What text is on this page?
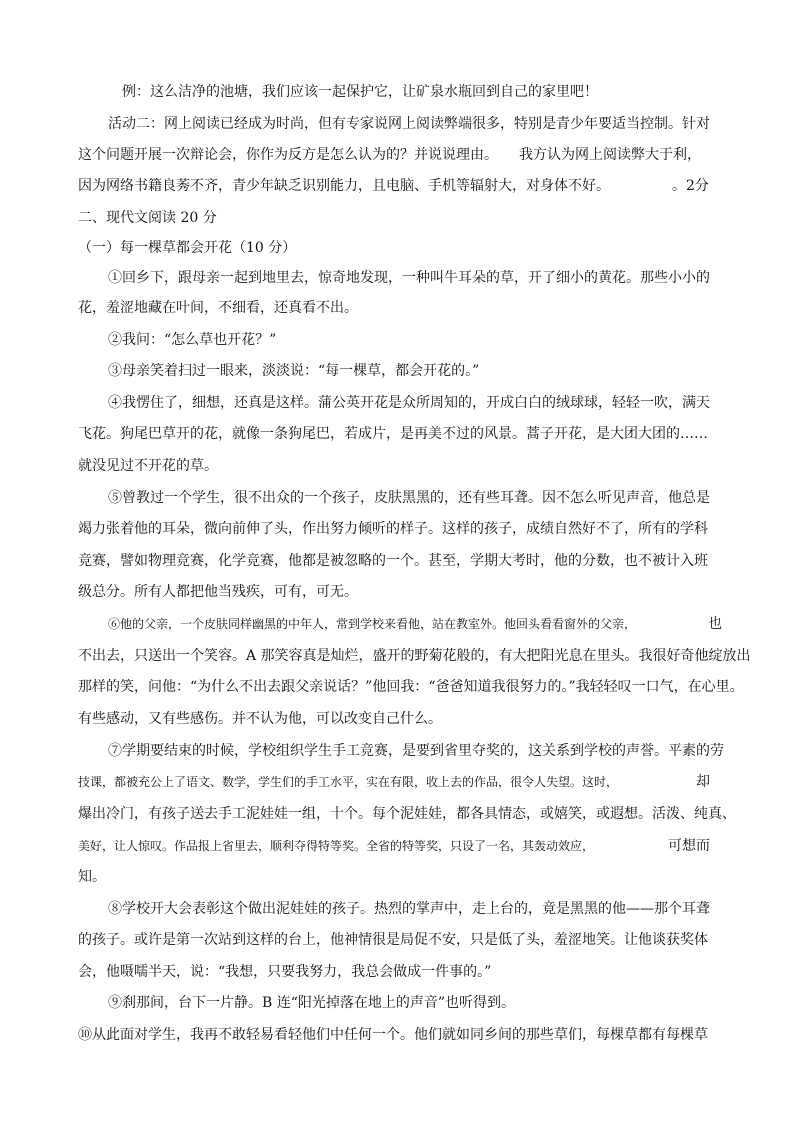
例：这么洁净的池塘，我们应该一起保护它，让矿泉水瓶回到自己的家里吧！
活动二：网上阅读已经成为时尚，但有专家说网上阅读弊端很多，特别是青少年要适当控制。针对
这个问题开展一次辩论会，你作为反方是怎么认为的？并说说理由。　　我方认为网上阅读弊大于利，
因为网络书籍良莠不齐，青少年缺乏识别能力，且电脑、手机等辐射大，对身体不好。	。2分
二、现代文阅读 20 分
（一）每一棵草都会开花（10 分）
①回乡下，跟母亲一起到地里去，惊奇地发现，一种叫牛耳朵的草，开了细小的黄花。那些小小的
花，羞涩地藏在叶间，不细看，还真看不出。
②我问：“怎么草也开花？”
③母亲笑着扫过一眼来，淡淡说：“每一棵草，都会开花的。”
④我愣住了，细想，还真是这样。蒲公英开花是众所周知的，开成白白的绒球球，轻轻一吹，满天
飞花。狗尾巴草开的花，就像一条狗尾巴，若成片，是再美不过的风景。蒿子开花，是大团大团的……
就没见过不开花的草。
⑤曾教过一个学生，很不出众的一个孩子，皮肤黑黑的，还有些耳聋。因不怎么听见声音，他总是
竭力张着他的耳朵，微向前伸了头，作出努力倾听的样子。这样的孩子，成绩自然好不了，所有的学科
竞赛，譬如物理竞赛，化学竞赛，他都是被忽略的一个。甚至，学期大考时，他的分数，也不被计入班
级总分。所有人都把他当残疾，可有，可无。
⑥他的父亲，一个皮肤同样幽黑的中年人，常到学校来看他，站在教室外。他回头看看窗外的父亲，	也
不出去，只送出一个笑容。A 那笑容真是灿烂，盛开的野菊花般的，有大把阳光息在里头。我很好奇他绽放出
那样的笑，问他：“为什么不出去跟父亲说话？”他回我：“爸爸知道我很努力的。”我轻轻叹一口气，在心里。
有些感动，又有些感伤。并不认为他，可以改变自己什么。
⑦学期要结束的时候，学校组织学生手工竞赛，是要到省里夺奖的，这关系到学校的声誉。平素的劳
技课，都被充公上了语文、数学，学生们的手工水平，实在有限，收上去的作品，很令人失望。这时，	却
爆出冷门，有孩子送去手工泥娃娃一组，十个。每个泥娃娃，都各具情态，或嬉笑，或遐想。活泼、纯真、
美好，让人惊叹。作品报上省里去，顺利夺得特等奖。全省的特等奖，只设了一名，其轰动效应，	可想而
知。
⑧学校开大会表彰这个做出泥娃娃的孩子。热烈的掌声中，走上台的，竟是黑黑的他——那个耳聋
的孩子。或许是第一次站到这样的台上，他神情很是局促不安，只是低了头，羞涩地笑。让他谈获奖体
会，他嗫嚅半天，说：“我想，只要我努力，我总会做成一件事的。”
⑨刹那间，台下一片静。B 连“阳光掉落在地上的声音”也听得到。
⑩从此面对学生，我再不敢轻易看轻他们中任何一个。他们就如同乡间的那些草们，每棵草都有每棵草
